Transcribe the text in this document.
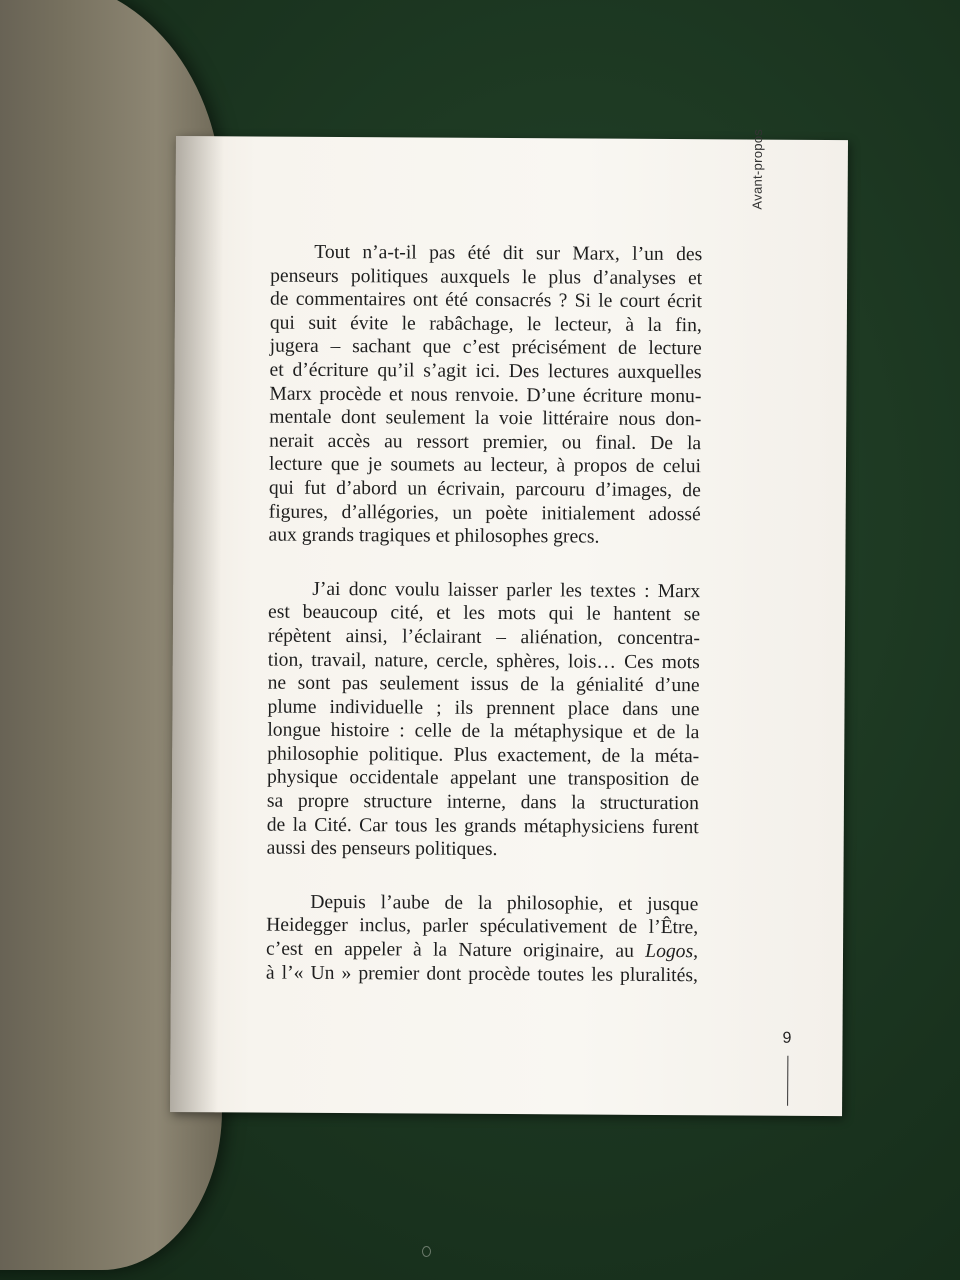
Avant-propos
Tout n’a-t-il pas été dit sur Marx, l’un des
penseurs politiques auxquels le plus d’analyses et
de commentaires ont été consacrés ? Si le court écrit
qui suit évite le rabâchage, le lecteur, à la fin,
jugera – sachant que c’est précisément de lecture
et d’écriture qu’il s’agit ici. Des lectures auxquelles
Marx procède et nous renvoie. D’une écriture monu-
mentale dont seulement la voie littéraire nous don-
nerait accès au ressort premier, ou final. De la
lecture que je soumets au lecteur, à propos de celui
qui fut d’abord un écrivain, parcouru d’images, de
figures, d’allégories, un poète initialement adossé
aux grands tragiques et philosophes grecs.
J’ai donc voulu laisser parler les textes : Marx
est beaucoup cité, et les mots qui le hantent se
répètent ainsi, l’éclairant – aliénation, concentra-
tion, travail, nature, cercle, sphères, lois… Ces mots
ne sont pas seulement issus de la génialité d’une
plume individuelle ; ils prennent place dans une
longue histoire : celle de la métaphysique et de la
philosophie politique. Plus exactement, de la méta-
physique occidentale appelant une transposition de
sa propre structure interne, dans la structuration
de la Cité. Car tous les grands métaphysiciens furent
aussi des penseurs politiques.
Depuis l’aube de la philosophie, et jusque
Heidegger inclus, parler spéculativement de l’Être,
c’est en appeler à la Nature originaire, au Logos,
à l’« Un » premier dont procède toutes les pluralités,
9
